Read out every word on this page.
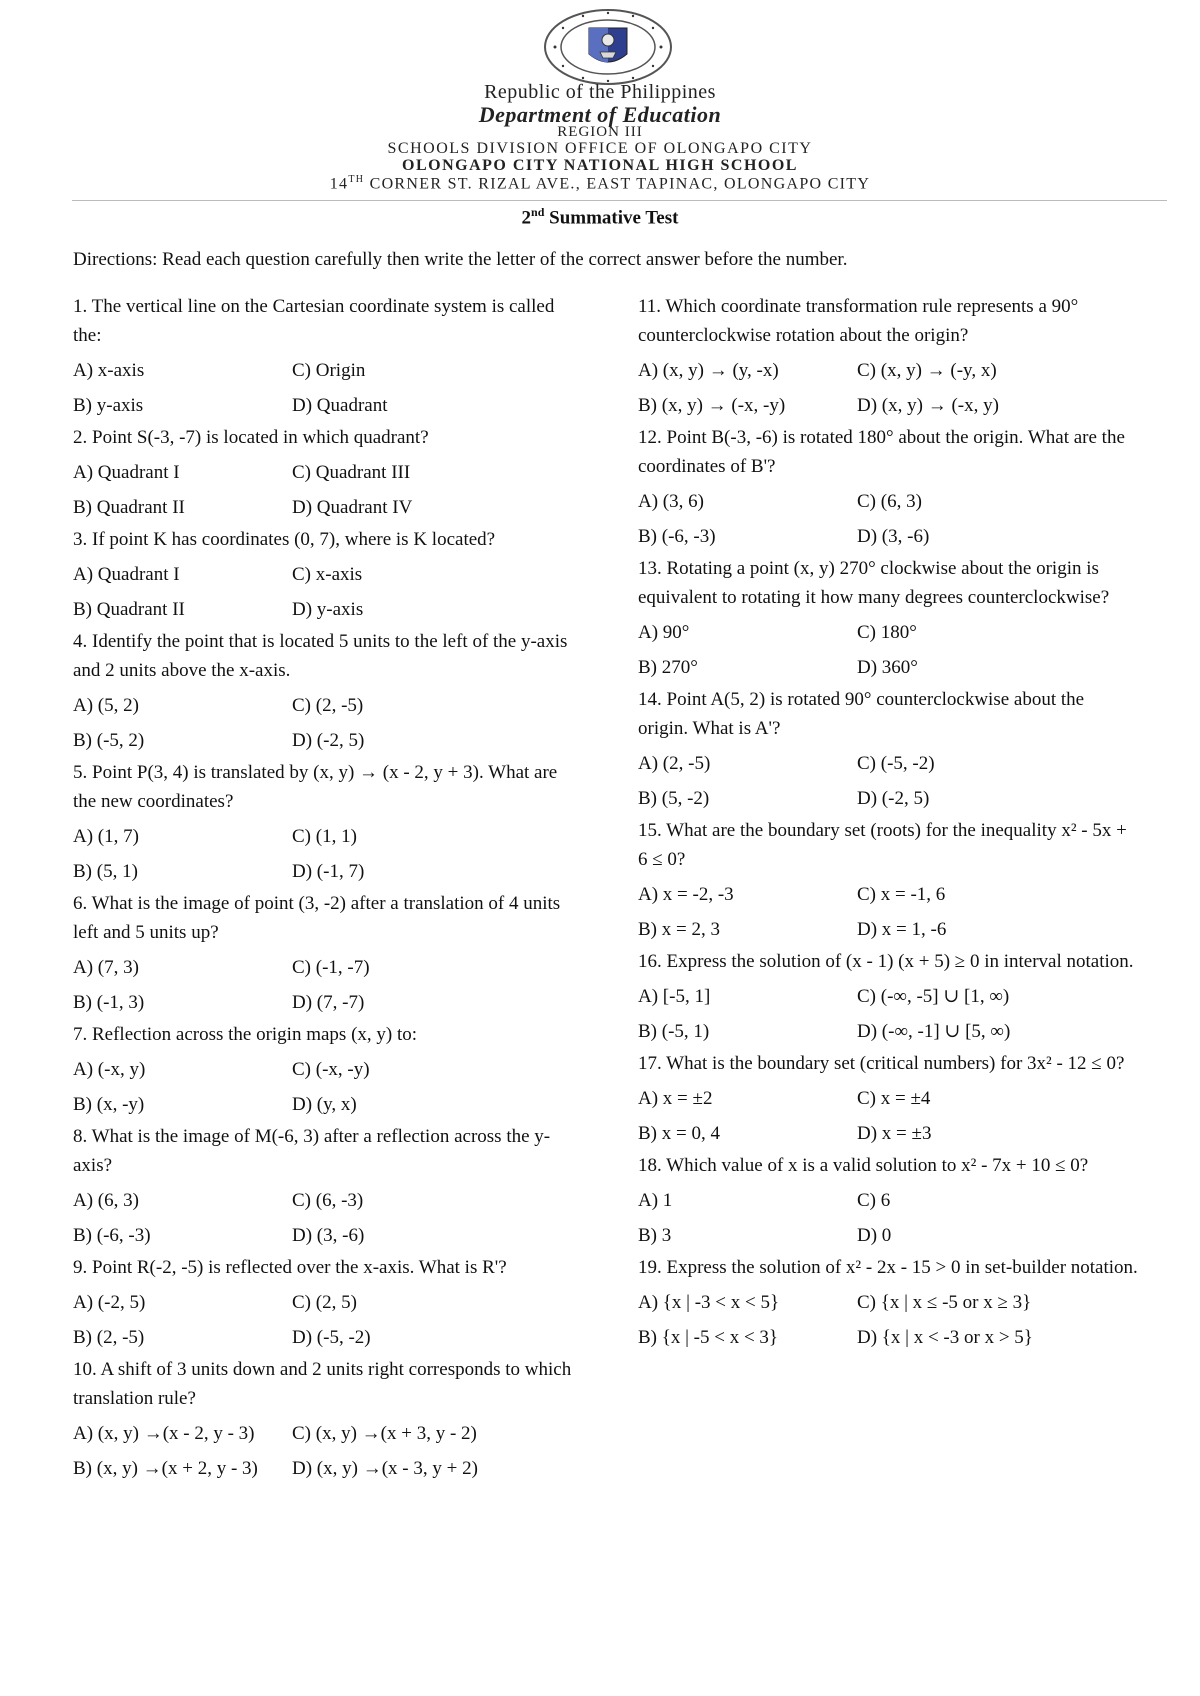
Republic of the Philippines
Department of Education
REGION III
SCHOOLS DIVISION OFFICE OF OLONGAPO CITY
OLONGAPO CITY NATIONAL HIGH SCHOOL
14TH CORNER ST. RIZAL AVE., EAST TAPINAC, OLONGAPO CITY
2nd Summative Test
Directions: Read each question carefully then write the letter of the correct answer before the number.

1. The vertical line on the Cartesian coordinate system is called the:

A) x-axis	C) Origin
B) y-axis	D) Quadrant

2. Point S(-3, -7) is located in which quadrant?

A) Quadrant I	C) Quadrant III
B) Quadrant II	D) Quadrant IV

3. If point K has coordinates (0, 7), where is K located?

A) Quadrant I	C) x-axis
B) Quadrant II	D) y-axis

4. Identify the point that is located 5 units to the left of the y-axis and 2 units above the x-axis.

A) (5, 2)	C) (2, -5)
B) (-5, 2)	D) (-2, 5)

5. Point P(3, 4) is translated by (x, y) → (x - 2, y + 3). What are the new coordinates?

A) (1, 7)	C) (1, 1)
B) (5, 1)	D) (-1, 7)

6. What is the image of point (3, -2) after a translation of 4 units left and 5 units up?

A) (7, 3)	C) (-1, -7)
B) (-1, 3)	D) (7, -7)

7. Reflection across the origin maps (x, y) to:

A) (-x, y)	C) (-x, -y)
B) (x, -y)	D) (y, x)

8. What is the image of M(-6, 3) after a reflection across the y-axis?

A) (6, 3)	C) (6, -3)
B) (-6, -3)	D) (3, -6)

9. Point R(-2, -5) is reflected over the x-axis. What is R'?

A) (-2, 5)	C) (2, 5)
B) (2, -5)	D) (-5, -2)

10. A shift of 3 units down and 2 units right corresponds to which translation rule?

A) (x, y) →(x - 2, y - 3)	C) (x, y) →(x + 3, y - 2)
B) (x, y) →(x + 2, y - 3)	D) (x, y) →(x - 3, y + 2)

11. Which coordinate transformation rule represents a 90° counterclockwise rotation about the origin?

A) (x, y) → (y, -x)	C) (x, y) → (-y, x)
B) (x, y) → (-x, -y)	D) (x, y) → (-x, y)

12. Point B(-3, -6) is rotated 180° about the origin. What are the coordinates of B'?

A) (3, 6)	C) (6, 3)
B) (-6, -3)	D) (3, -6)

13. Rotating a point (x, y) 270° clockwise about the origin is equivalent to rotating it how many degrees counterclockwise?

A) 90°	C) 180°
B) 270°	D) 360°

14. Point A(5, 2) is rotated 90° counterclockwise about the origin. What is A'?

A) (2, -5)	C) (-5, -2)
B) (5, -2)	D) (-2, 5)

15. What are the boundary set (roots) for the inequality x² - 5x + 6 ≤ 0?

A) x = -2, -3	C) x = -1, 6
B) x = 2, 3	D) x = 1, -6

16. Express the solution of (x - 1) (x + 5) ≥ 0 in interval notation.

A) [-5, 1]	C) (-∞, -5] ∪ [1, ∞)
B) (-5, 1)	D) (-∞, -1] ∪ [5, ∞)

17. What is the boundary set (critical numbers) for 3x² - 12 ≤ 0?

A) x = ±2	C) x = ±4
B) x = 0, 4	D) x = ±3

18. Which value of x is a valid solution to x² - 7x + 10 ≤ 0?

A) 1	C) 6
B) 3	D) 0

19. Express the solution of x² - 2x - 15 > 0 in set-builder notation.

A) {x | -3 < x < 5}	C) {x | x ≤ -5 or x ≥ 3}
B) {x | -5 < x < 3}	D) {x | x < -3 or x > 5}
